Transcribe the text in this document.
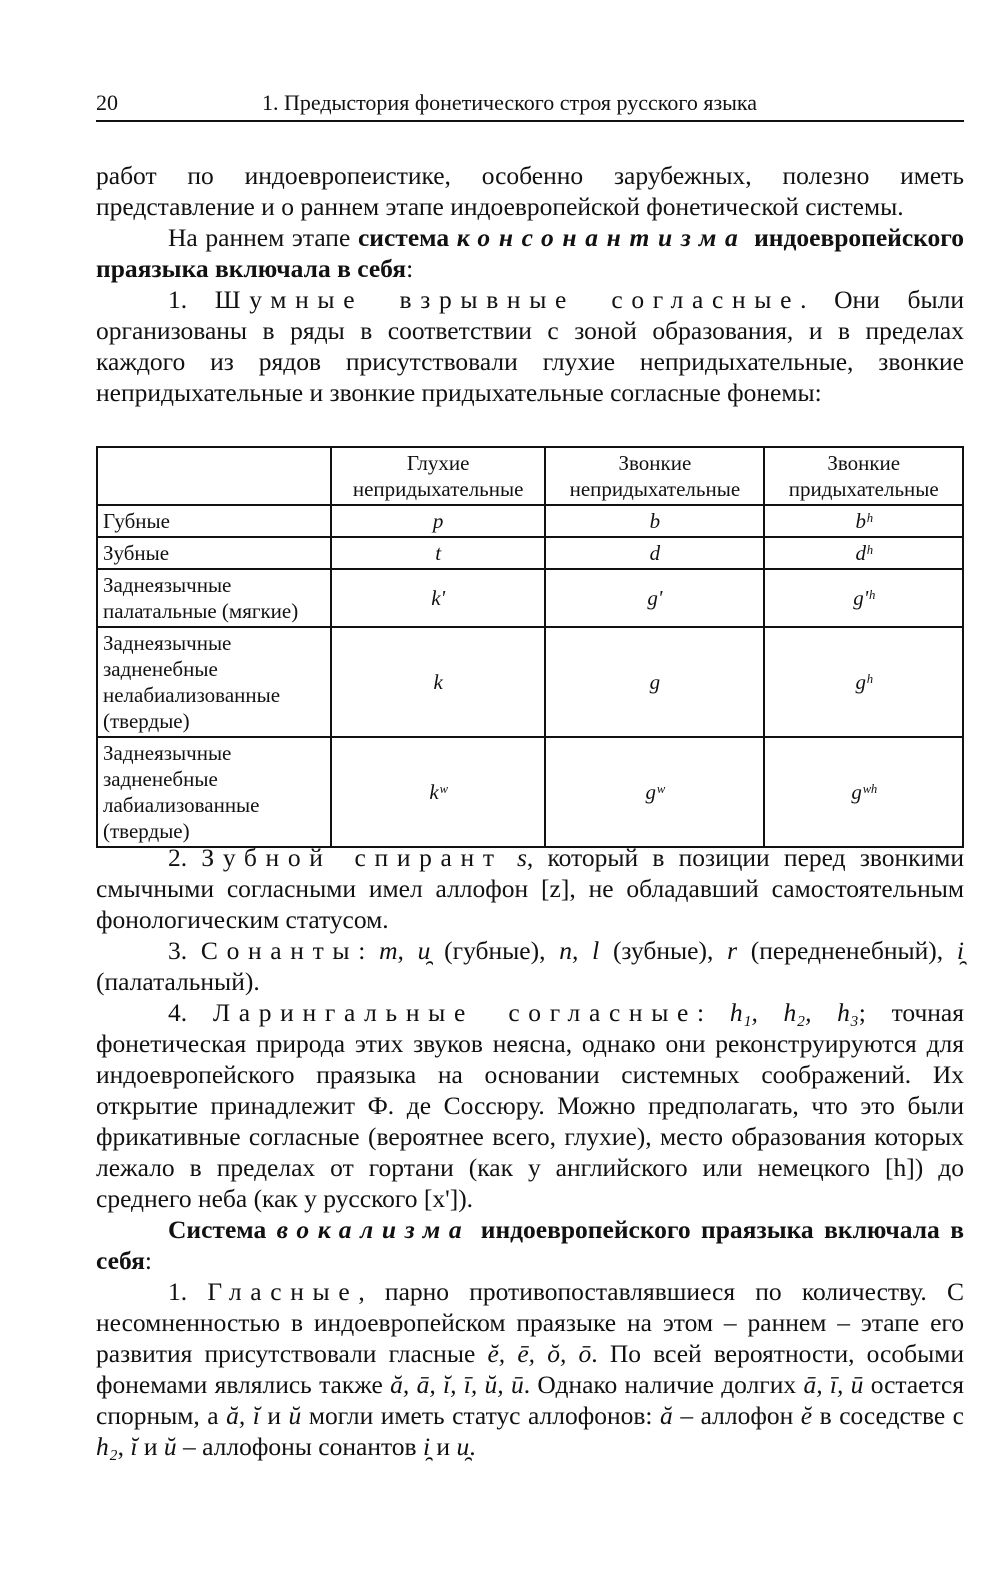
20	1. Предыстория фонетического строя русского языка

работ по индоевропеистике, особенно зарубежных, полезно иметь представление и о раннем этапе индоевропейской фонетической системы.

На раннем этапе система консонантизма индоевропейского праязыка включала в себя:

1. Шумные взрывные согласные. Они были организованы в ряды в соответствии с зоной образования, и в пределах каждого из рядов присутствовали глухие непридыхательные, звонкие непридыхательные и звонкие придыхательные согласные фонемы:

	Глухие непридыхательные	Звонкие непридыхательные	Звонкие придыхательные
Губные	p	b	bʰ
Зубные	t	d	dʰ
Заднеязычные палатальные (мягкие)	k'	g'	g'ʰ
Заднеязычные задненебные нелабиализованные (твердые)	k	g	gʰ
Заднеязычные задненебные лабиализованные (твердые)	kʷ	gʷ	gʷʰ

2. Зубной спирант s, который в позиции перед звонкими смычными согласными имел аллофон [z], не обладавший самостоятельным фонологическим статусом.

3. Сонанты: m, u̯ (губные), n, l (зубные), r (передненебный), i̯ (палатальный).

4. Ларингальные согласные: h₁, h₂, h₃; точная фонетическая природа этих звуков неясна, однако они реконструируются для индоевропейского праязыка на основании системных соображений. Их открытие принадлежит Ф. де Соссюру. Можно предполагать, что это были фрикативные согласные (вероятнее всего, глухие), место образования которых лежало в пределах от гортани (как у английского или немецкого [h]) до среднего неба (как у русского [х']).

Система вокализма индоевропейского праязыка включала в себя:

1. Гласные, парно противопоставлявшиеся по количеству. С несомненностью в индоевропейском праязыке на этом – раннем – этапе его развития присутствовали гласные ĕ, ē, ŏ, ō. По всей вероятности, особыми фонемами являлись также ă, ā, ĭ, ī, ŭ, ū. Однако наличие долгих ā, ī, ū остается спорным, а ă, ĭ и ŭ могли иметь статус аллофонов: ă – аллофон ĕ в соседстве с h₂, ĭ и ŭ – аллофоны сонантов i̯ и u̯.
